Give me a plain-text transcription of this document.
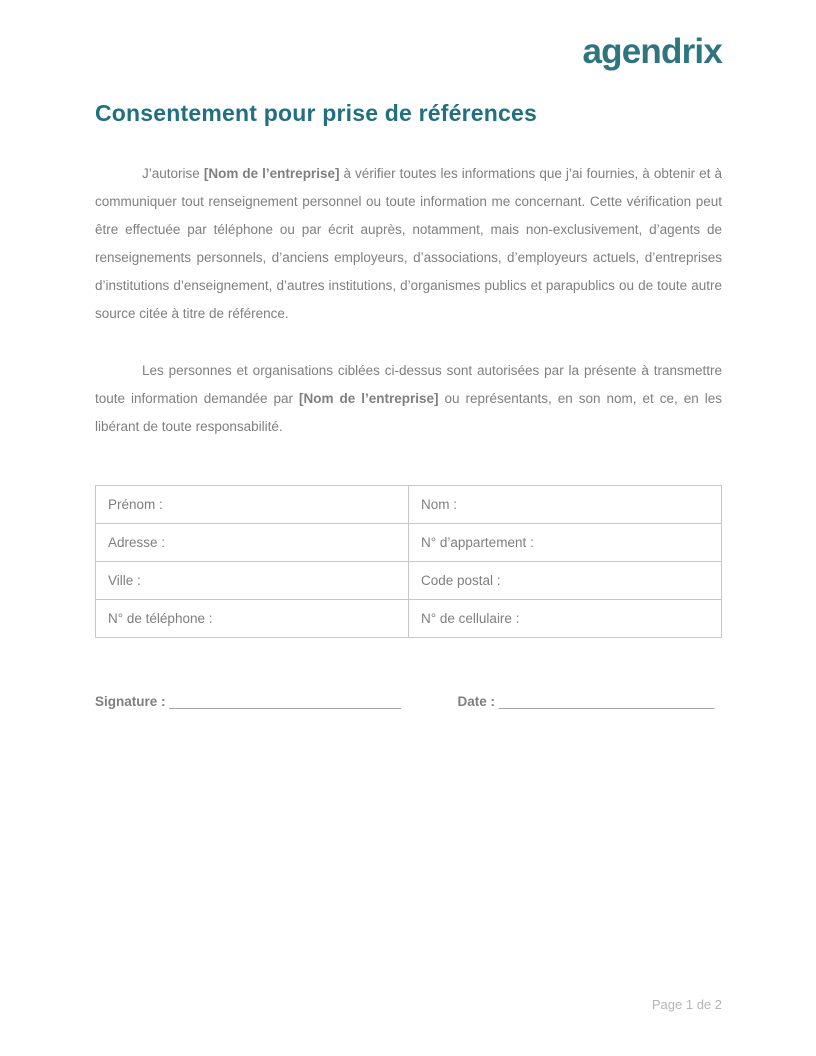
agendrix
Consentement pour prise de références

J’autorise [Nom de l’entreprise] à vérifier toutes les informations que j’ai fournies, à obtenir et à communiquer tout renseignement personnel ou toute information me concernant. Cette vérification peut être effectuée par téléphone ou par écrit auprès, notamment, mais non-exclusivement, d’agents de renseignements personnels, d’anciens employeurs, d’associations, d’employeurs actuels, d’entreprises d’institutions d’enseignement, d’autres institutions, d’organismes publics et parapublics ou de toute autre source citée à titre de référence.

Les personnes et organisations ciblées ci-dessus sont autorisées par la présente à transmettre toute information demandée par [Nom de l’entreprise] ou représentants, en son nom, et ce, en les libérant de toute responsabilité.

Prénom :	Nom :
Adresse :	N° d’appartement :
Ville :	Code postal :
N° de téléphone :	N° de cellulaire :
Signature : _____________________________	Date : ___________________________
Page 1 de 2
